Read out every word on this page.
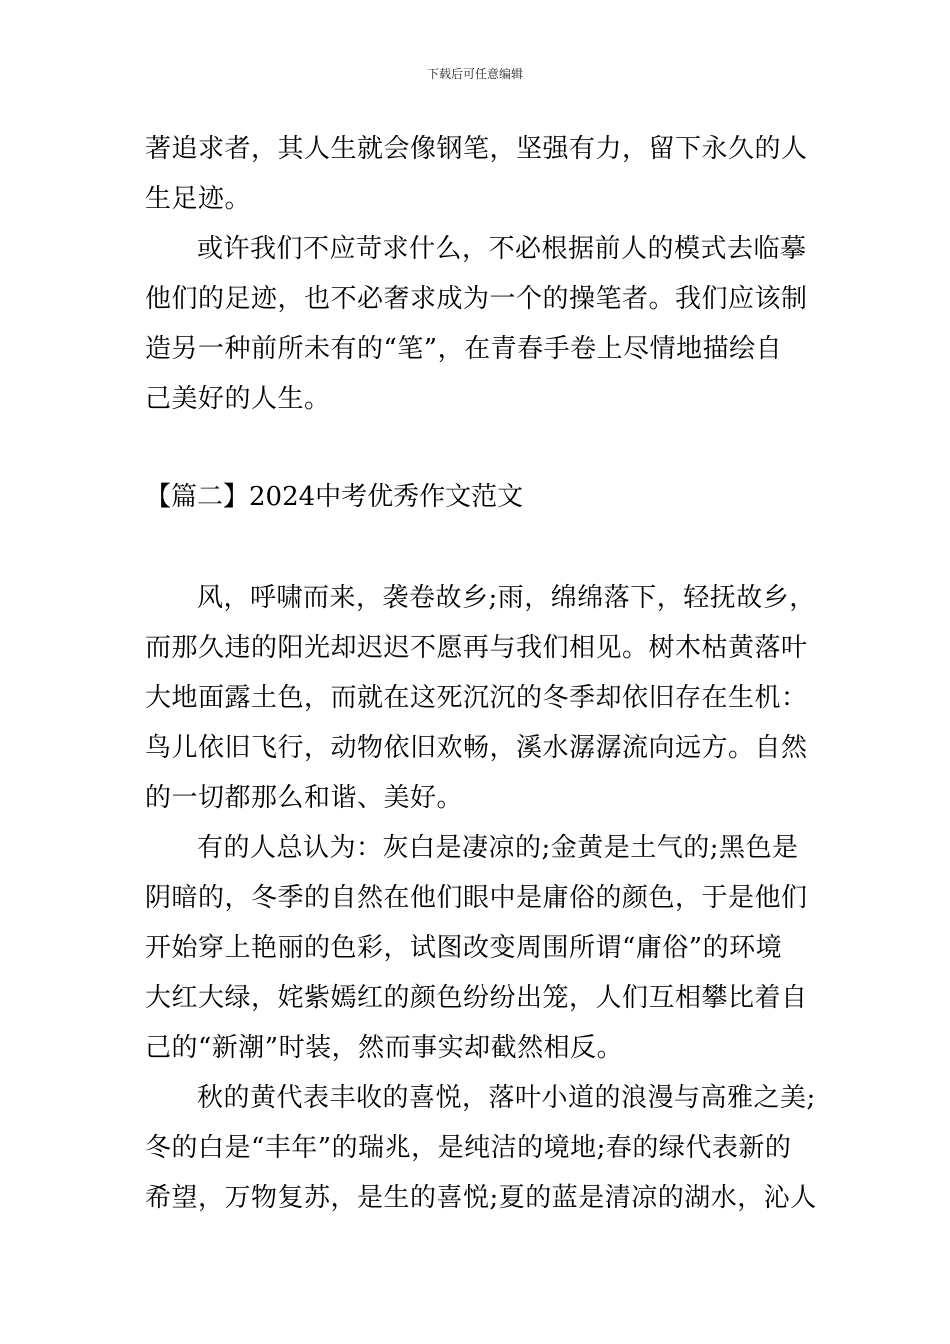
下载后可任意编辑
著追求者，其人生就会像钢笔，坚强有力，留下永久的人
生足迹。
或许我们不应苛求什么，不必根据前人的模式去临摹
他们的足迹，也不必奢求成为一个的操笔者。我们应该制
造另一种前所未有的“笔”，在青春手卷上尽情地描绘自
己美好的人生。
【篇二】2024中考优秀作文范文
风，呼啸而来，袭卷故乡;雨，绵绵落下，轻抚故乡，
而那久违的阳光却迟迟不愿再与我们相见。树木枯黄落叶
大地面露土色，而就在这死沉沉的冬季却依旧存在生机：
鸟儿依旧飞行，动物依旧欢畅，溪水潺潺流向远方。自然
的一切都那么和谐、美好。
有的人总认为：灰白是凄凉的;金黄是土气的;黑色是
阴暗的，冬季的自然在他们眼中是庸俗的颜色，于是他们
开始穿上艳丽的色彩，试图改变周围所谓“庸俗”的环境
大红大绿，姹紫嫣红的颜色纷纷出笼，人们互相攀比着自
己的“新潮”时装，然而事实却截然相反。
秋的黄代表丰收的喜悦，落叶小道的浪漫与高雅之美;
冬的白是“丰年”的瑞兆，是纯洁的境地;春的绿代表新的
希望，万物复苏，是生的喜悦;夏的蓝是清凉的湖水，沁人
